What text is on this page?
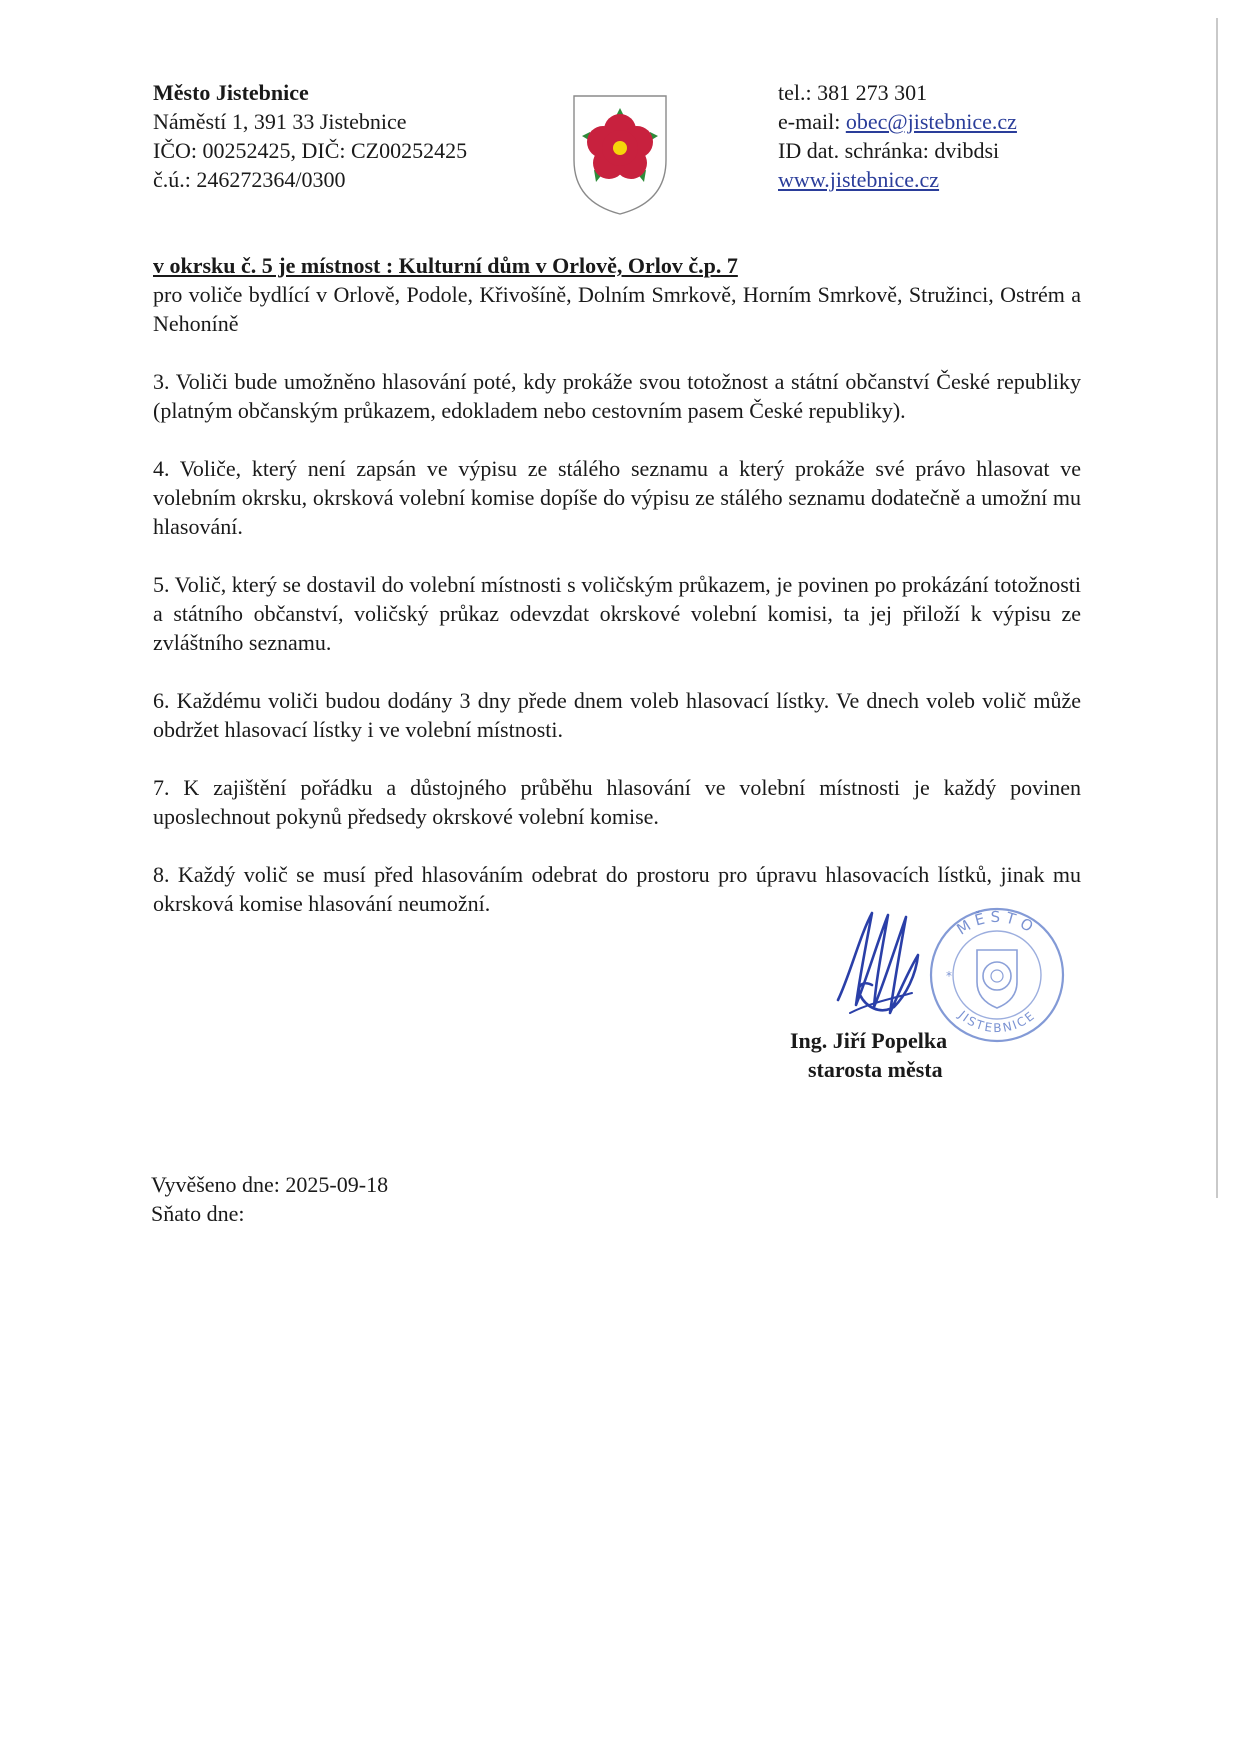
Město Jistebnice
Náměstí 1, 391 33 Jistebnice
IČO: 00252425, DIČ: CZ00252425
č.ú.: 246272364/0300
tel.: 381 273 301
e-mail: obec@jistebnice.cz
ID dat. schránka: dvibdsi
www.jistebnice.cz

v okrsku č. 5 je místnost : Kulturní dům v Orlově, Orlov č.p. 7

pro voliče bydlící v Orlově, Podole, Křivošíně, Dolním Smrkově, Horním Smrkově, Stružinci, Ostrém a Nehoníně

3. Voliči bude umožněno hlasování poté, kdy prokáže svou totožnost a státní občanství České republiky (platným občanským průkazem, edokladem nebo cestovním pasem České republiky).

4. Voliče, který není zapsán ve výpisu ze stálého seznamu a který prokáže své právo hlasovat ve volebním okrsku, okrsková volební komise dopíše do výpisu ze stálého seznamu dodatečně a umožní mu hlasování.

5. Volič, který se dostavil do volební místnosti s voličským průkazem, je povinen po prokázání totožnosti a státního občanství, voličský průkaz odevzdat okrskové volební komisi, ta jej přiloží k výpisu ze zvláštního seznamu.

6. Každému voliči budou dodány 3 dny přede dnem voleb hlasovací lístky. Ve dnech voleb volič může obdržet hlasovací lístky i ve volební místnosti.

7. K zajištění pořádku a důstojného průběhu hlasování ve volební místnosti je každý povinen uposlechnout pokynů předsedy okrskové volební komise.

8. Každý volič se musí před hlasováním odebrat do prostoru pro úpravu hlasovacích lístků, jinak mu okrsková komise hlasování neumožní.

MĚSTO
JISTEBNICE
*
Ing. Jiří Popelka
starosta města
Vyvěšeno dne: 2025-09-18
Sňato dne:
